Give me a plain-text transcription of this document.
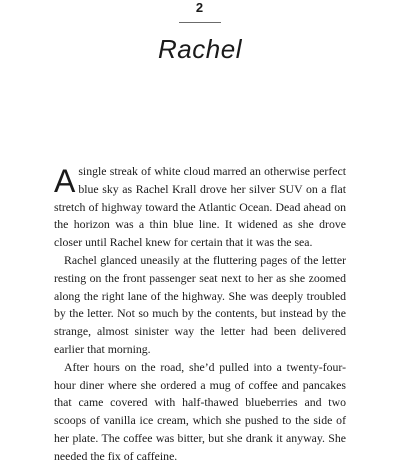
2
Rachel

A single streak of white cloud marred an otherwise perfect blue sky as Rachel Krall drove her silver SUV on a flat stretch of highway toward the Atlantic Ocean. Dead ahead on the horizon was a thin blue line. It widened as she drove closer until Rachel knew for certain that it was the sea.

Rachel glanced uneasily at the fluttering pages of the letter resting on the front passenger seat next to her as she zoomed along the right lane of the highway. She was deeply troubled by the letter. Not so much by the contents, but instead by the strange, almost sinister way the letter had been delivered earlier that morning.

After hours on the road, she’d pulled into a twenty-four-hour diner where she ordered a mug of coffee and pancakes that came covered with half-thawed blueberries and two scoops of vanilla ice cream, which she pushed to the side of her plate. The coffee was bitter, but she drank it anyway. She needed the fix of caffeine.
